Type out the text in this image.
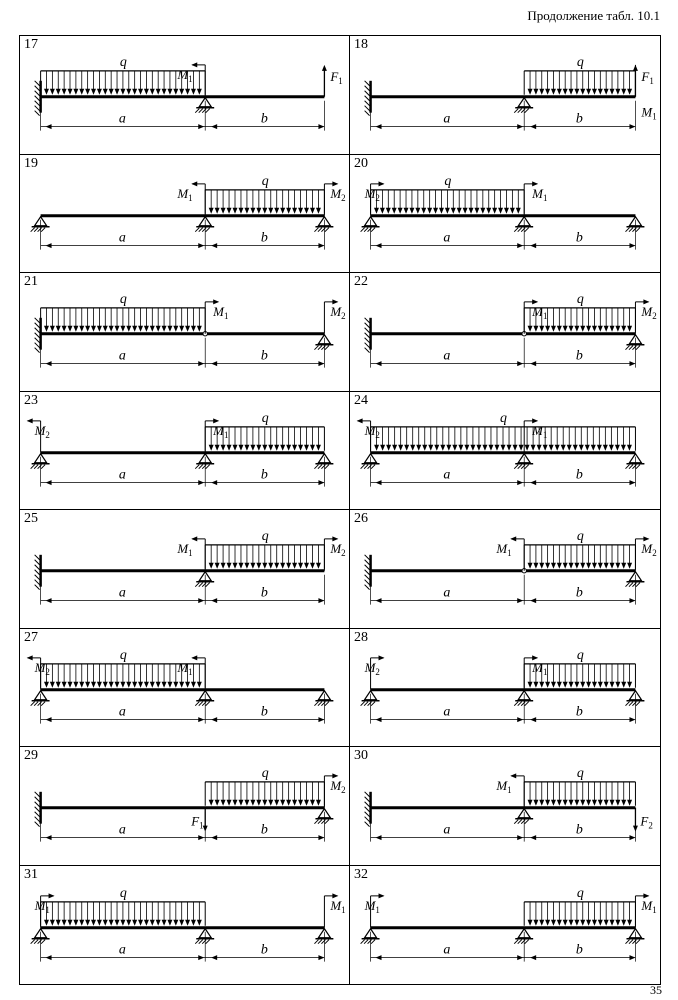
Продолжение табл. 10.1
17
q
$M_1$	$F_1$
a	b
18
q
$F_1$
$M_1$
a	b
19
q
$M_1$	$M_2$
a	b
20
q
$M_2$	$M_1$
a	b
21
q
$M_1$	$M_2$
a	b
22
q
$M_1$	$M_2$
a	b
23
q
$M_2$	$M_1$
a	b
24
q
$M_2$	$M_1$
a	b
25
q
$M_1$	$M_2$
a	b
26
q
$M_1$	$M_2$
a	b
27
q
$M_2$	$M_1$
a	b
28
q
$M_2$	$M_1$
a	b
29
q
$F_1$
$M_2$
a	b
30
q
$M_1$
$F_2$
a	b
31
q
$M_1$	$M_1$
a	b
32
q
$M_1$	$M_1$
a	b
35
